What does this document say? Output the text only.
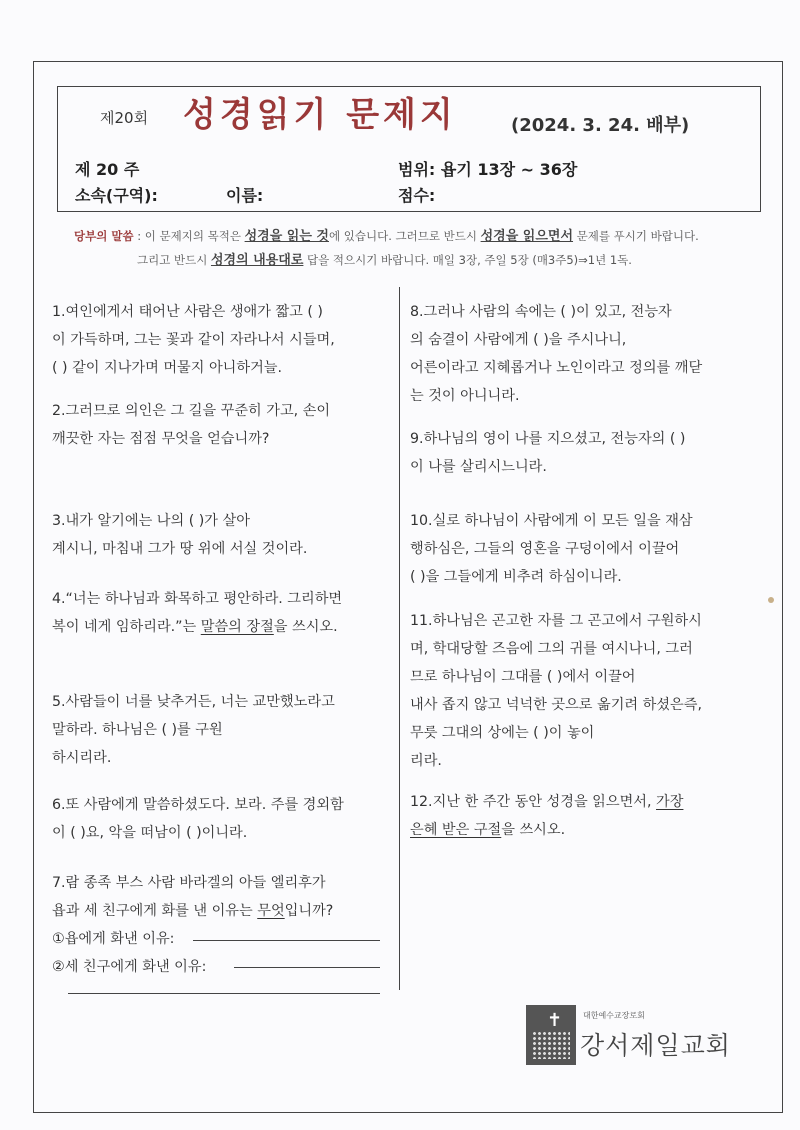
제20회 성경읽기 문제지	(2024. 3. 24. 배부)
제 20 주	범위: 욥기 13장 ~ 36장
소속(구역):	이름:	점수:
당부의 말씀 : 이 문제지의 목적은 성경을 읽는 것에 있습니다. 그러므로 반드시 성경을 읽으면서 문제를 푸시기 바랍니다.
그리고 반드시 성경의 내용대로 답을 적으시기 바랍니다. 매일 3장, 주일 5장 (매3주5)⇒1년 1독.
1.여인에게서 태어난 사람은 생애가 짧고 ( )
이 가득하며, 그는 꽃과 같이 자라나서 시들며,
( ) 같이 지나가며 머물지 아니하거늘.
2.그러므로 의인은 그 길을 꾸준히 가고, 손이
깨끗한 자는 점점 무엇을 얻습니까?
3.내가 알기에는 나의 ( )가 살아
계시니, 마침내 그가 땅 위에 서실 것이라.
4.“너는 하나님과 화목하고 평안하라. 그리하면
복이 네게 임하리라.”는 말씀의 장절을 쓰시오.
5.사람들이 너를 낮추거든, 너는 교만했노라고
말하라. 하나님은 ( )를 구원
하시리라.
6.또 사람에게 말씀하셨도다. 보라. 주를 경외함
이 ( )요, 악을 떠남이 ( )이니라.
7.람 종족 부스 사람 바라겔의 아들 엘리후가
욥과 세 친구에게 화를 낸 이유는 무엇입니까?
①욥에게 화낸 이유:
②세 친구에게 화낸 이유:
8.그러나 사람의 속에는 ( )이 있고, 전능자
의 숨결이 사람에게 ( )을 주시나니,
어른이라고 지혜롭거나 노인이라고 정의를 깨닫
는 것이 아니니라.
9.하나님의 영이 나를 지으셨고, 전능자의 ( )
이 나를 살리시느니라.
10.실로 하나님이 사람에게 이 모든 일을 재삼
행하심은, 그들의 영혼을 구덩이에서 이끌어
( )을 그들에게 비추려 하심이니라.
11.하나님은 곤고한 자를 그 곤고에서 구원하시
며, 학대당할 즈음에 그의 귀를 여시나니, 그러
므로 하나님이 그대를 ( )에서 이끌어
내사 좁지 않고 넉넉한 곳으로 옮기려 하셨은즉,
무릇 그대의 상에는 ( )이 놓이
리라.
12.지난 한 주간 동안 성경을 읽으면서, 가장
은혜 받은 구절을 쓰시오.
✝	대한예수교장로회
강서제일교회
